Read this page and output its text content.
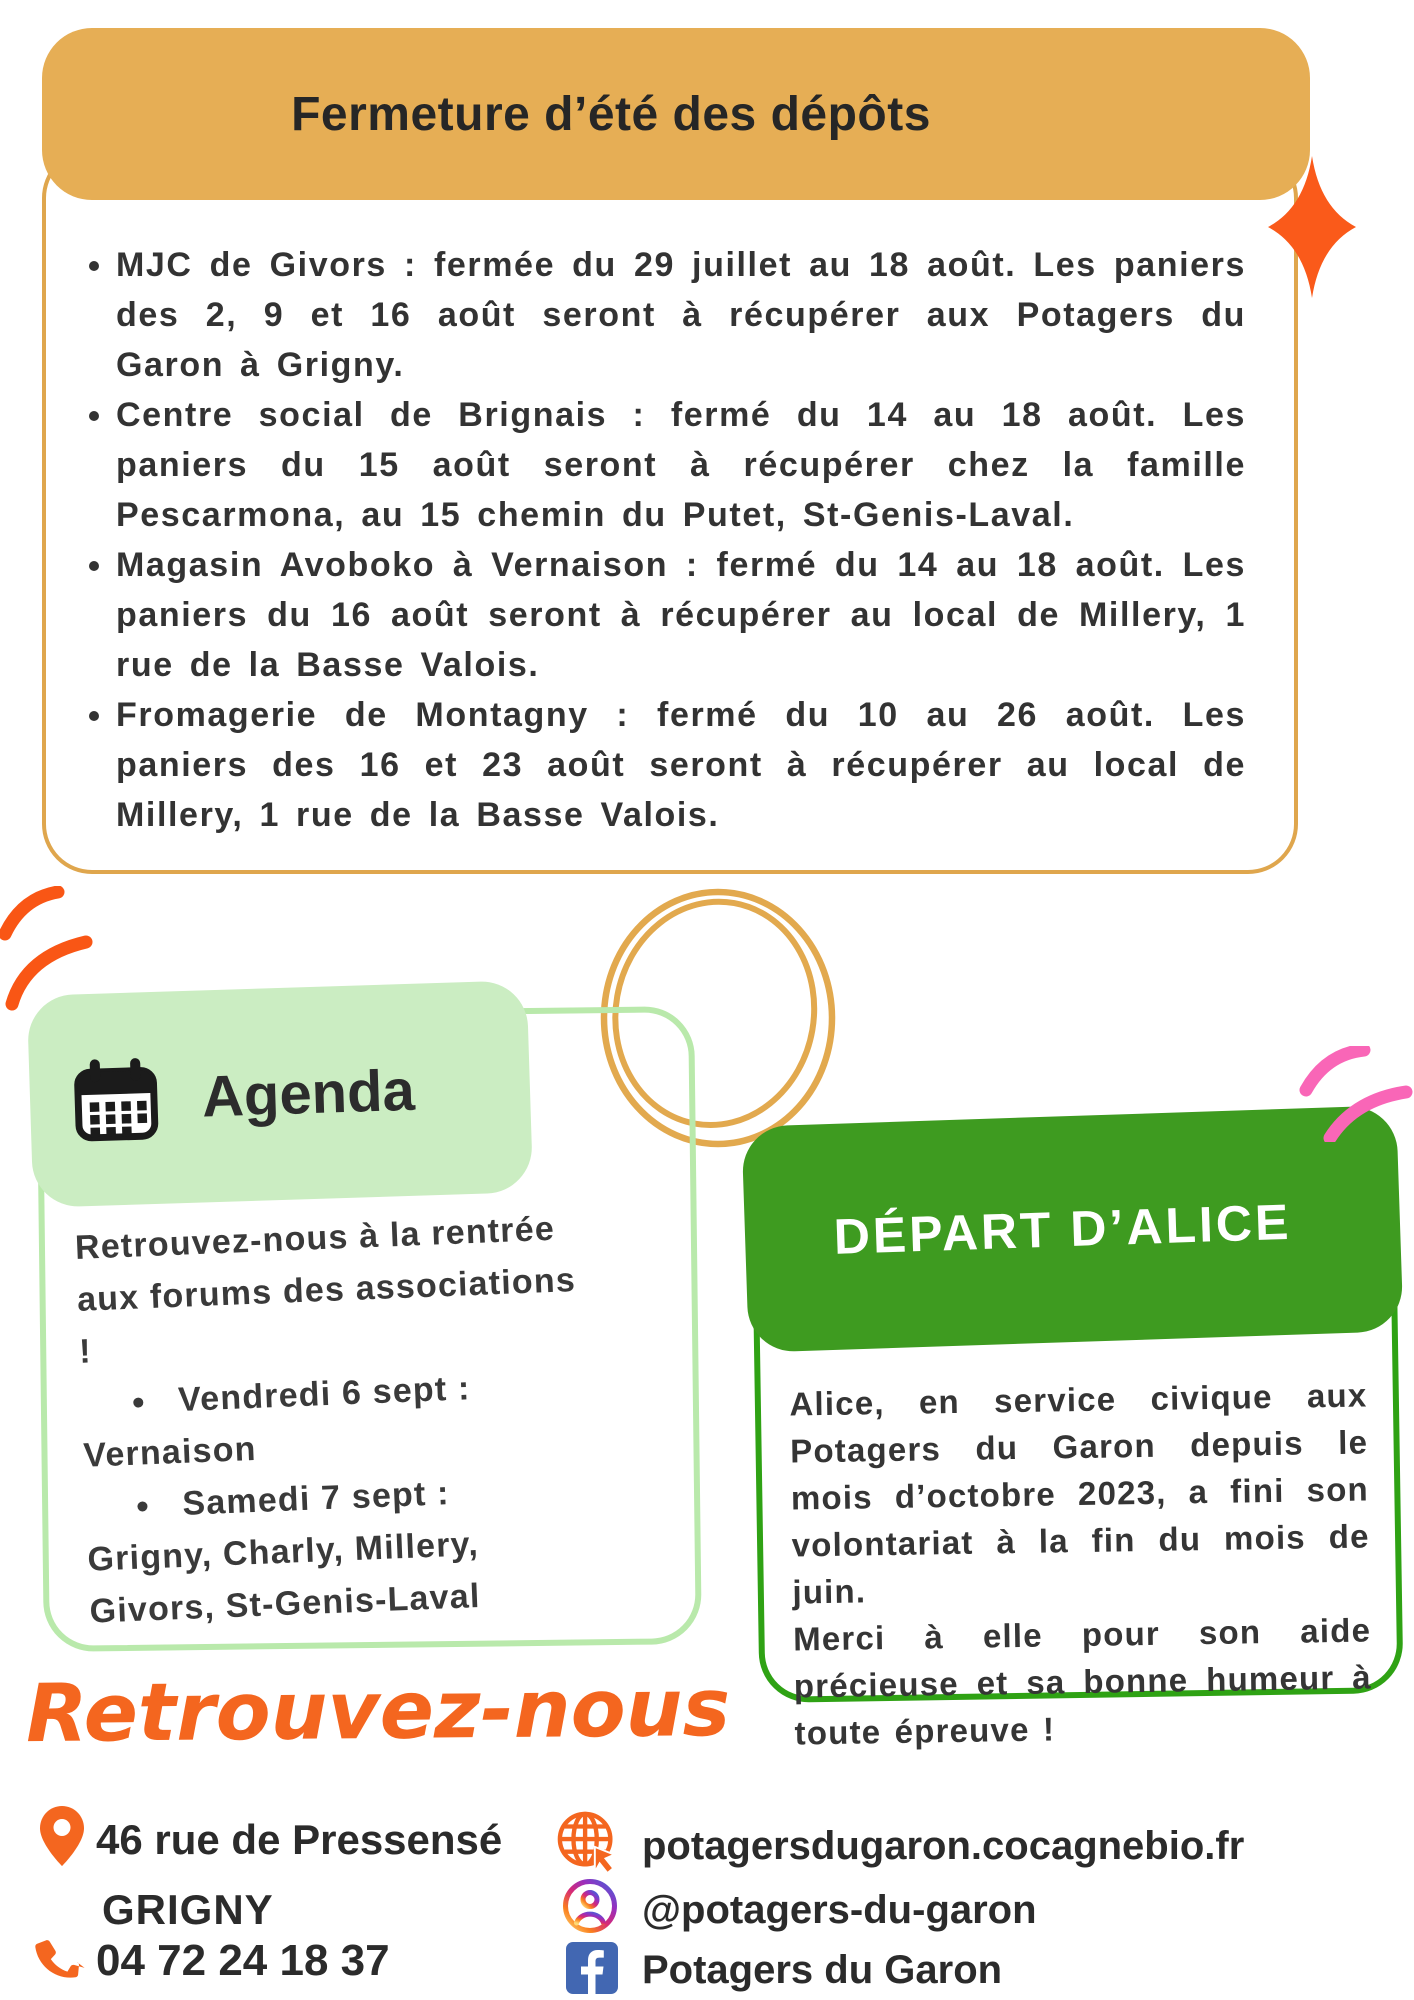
Fermeture d’été des dépôts
• MJC de Givors : fermée du 29 juillet au 18 août. Les paniers des 2, 9 et 16 août seront à récupérer aux Potagers du Garon à Grigny.
• Centre social de Brignais : fermé du 14 au 18 août. Les paniers du 15 août seront à récupérer chez la famille Pescarmona, au 15 chemin du Putet, St-Genis-Laval.
• Magasin Avoboko à Vernaison : fermé du 14 au 18 août. Les paniers du 16 août seront à récupérer au local de Millery, 1 rue de la Basse Valois.
• Fromagerie de Montagny : fermé du 10 au 26 août. Les paniers des 16 et 23 août seront à récupérer au local de Millery, 1 rue de la Basse Valois.
Agenda

Retrouvez-nous à la rentrée aux forums des associations !

• Vendredi 6 sept :
Vernaison
• Samedi 7 sept :
Grigny, Charly, Millery, Givors, St-Genis-Laval
DÉPART D’ALICE

Alice, en service civique aux Potagers du Garon depuis le mois d’octobre 2023, a fini son volontariat à la fin du mois de juin.

Merci à elle pour son aide précieuse et sa bonne humeur à toute épreuve !

Retrouvez-nous
46 rue de Pressensé
GRIGNY
04 72 24 18 37
potagersdugaron.cocagnebio.fr
@potagers-du-garon
Potagers du Garon
